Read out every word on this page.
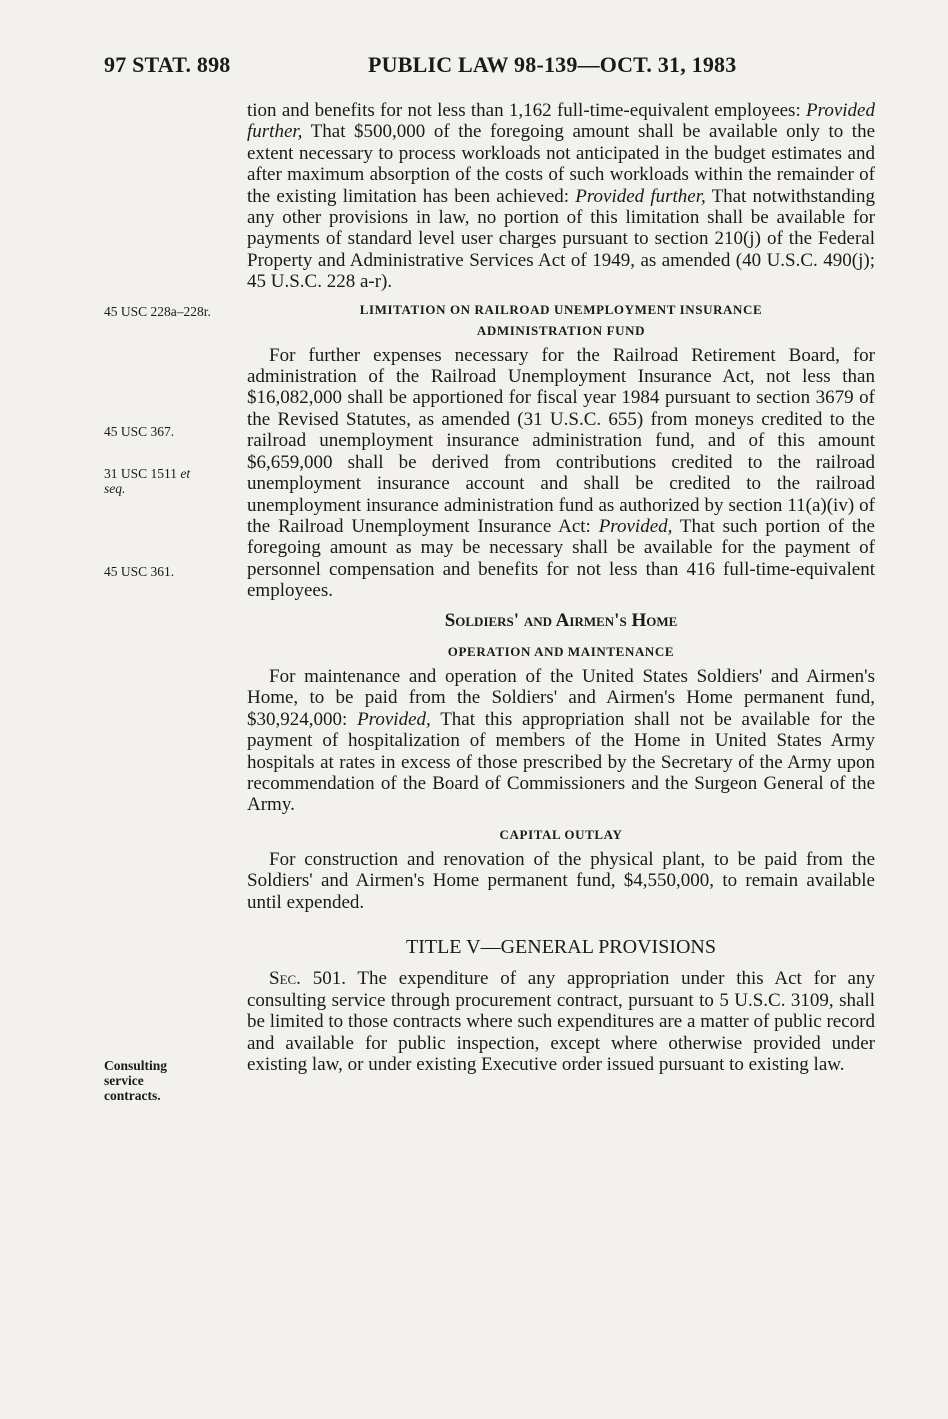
97 STAT. 898	PUBLIC LAW 98-139—OCT. 31, 1983
45 USC 228a–228r.
45 USC 367.
31 USC 1511 et seq.
45 USC 361.
Consulting service contracts.

tion and benefits for not less than 1,162 full-time-equivalent employees: Provided further, That $500,000 of the foregoing amount shall be available only to the extent necessary to process workloads not anticipated in the budget estimates and after maximum absorption of the costs of such workloads within the remainder of the existing limitation has been achieved: Provided further, That notwithstanding any other provisions in law, no portion of this limitation shall be available for payments of standard level user charges pursuant to section 210(j) of the Federal Property and Administrative Services Act of 1949, as amended (40 U.S.C. 490(j); 45 U.S.C. 228 a-r).

LIMITATION ON RAILROAD UNEMPLOYMENT INSURANCE
ADMINISTRATION FUND

For further expenses necessary for the Railroad Retirement Board, for administration of the Railroad Unemployment Insurance Act, not less than $16,082,000 shall be apportioned for fiscal year 1984 pursuant to section 3679 of the Revised Statutes, as amended (31 U.S.C. 655) from moneys credited to the railroad unemployment insurance administration fund, and of this amount $6,659,000 shall be derived from contributions credited to the railroad unemployment insurance account and shall be credited to the railroad unemployment insurance administration fund as authorized by section 11(a)(iv) of the Railroad Unemployment Insurance Act: Provided, That such portion of the foregoing amount as may be necessary shall be available for the payment of personnel compensation and benefits for not less than 416 full-time-equivalent employees.

Soldiers' and Airmen's Home
OPERATION AND MAINTENANCE

For maintenance and operation of the United States Soldiers' and Airmen's Home, to be paid from the Soldiers' and Airmen's Home permanent fund, $30,924,000: Provided, That this appropriation shall not be available for the payment of hospitalization of members of the Home in United States Army hospitals at rates in excess of those prescribed by the Secretary of the Army upon recommendation of the Board of Commissioners and the Surgeon General of the Army.

CAPITAL OUTLAY

For construction and renovation of the physical plant, to be paid from the Soldiers' and Airmen's Home permanent fund, $4,550,000, to remain available until expended.

TITLE V—GENERAL PROVISIONS

Sec. 501. The expenditure of any appropriation under this Act for any consulting service through procurement contract, pursuant to 5 U.S.C. 3109, shall be limited to those contracts where such expenditures are a matter of public record and available for public inspection, except where otherwise provided under existing law, or under existing Executive order issued pursuant to existing law.
